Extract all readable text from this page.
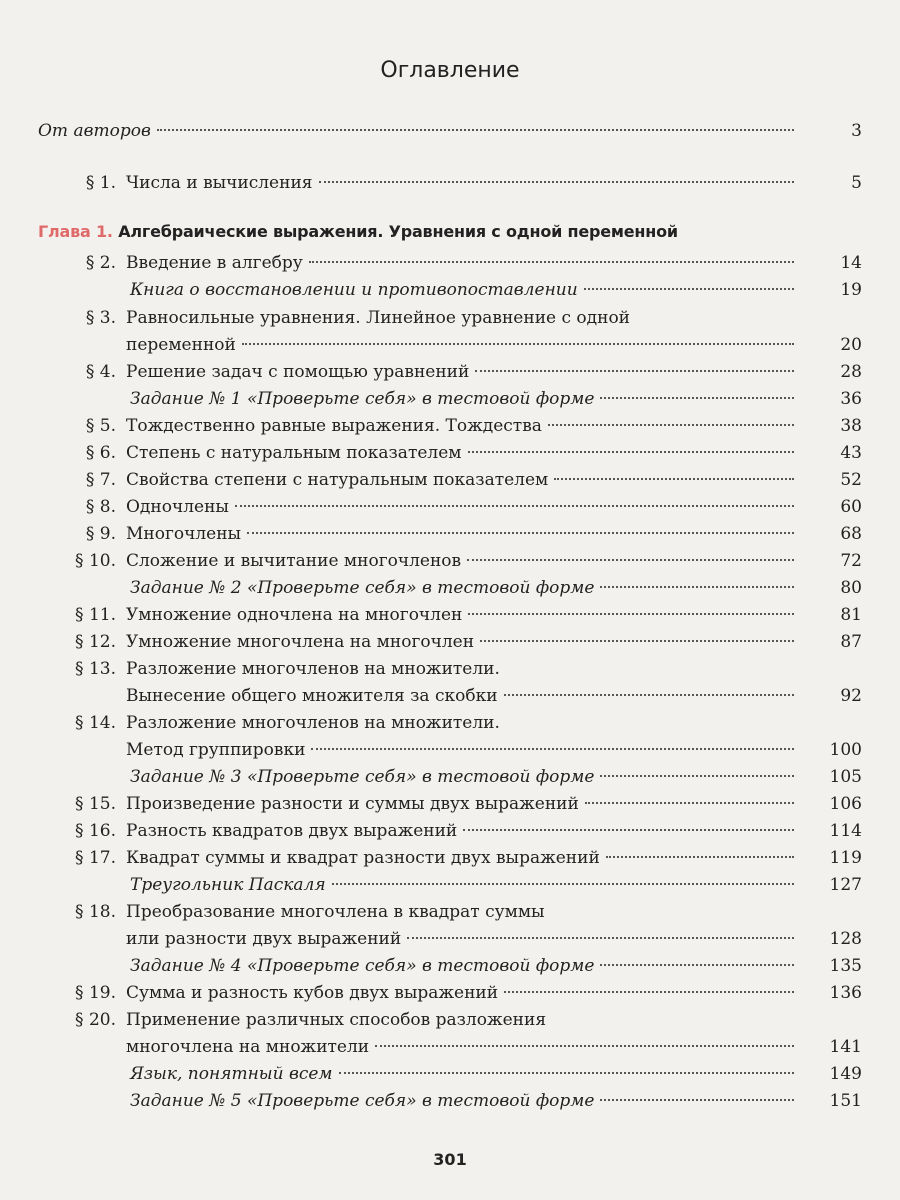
Оглавление
Глава 1. Алгебраические выражения. Уравнения с одной переменной
От авторов	3
§ 1. Числа и вычисления	5
§ 2. Введение в алгебру	14
Книга о восстановлении и противопоставлении	19
§ 3. Равносильные уравнения. Линейное уравнение с одной
переменной	20
§ 4. Решение задач с помощью уравнений	28
Задание № 1 «Проверьте себя» в тестовой форме	36
§ 5. Тождественно равные выражения. Тождества	38
§ 6. Степень с натуральным показателем	43
§ 7. Свойства степени с натуральным показателем	52
§ 8. Одночлены	60
§ 9. Многочлены	68
§ 10. Сложение и вычитание многочленов	72
Задание № 2 «Проверьте себя» в тестовой форме	80
§ 11. Умножение одночлена на многочлен	81
§ 12. Умножение многочлена на многочлен	87
§ 13. Разложение многочленов на множители.
Вынесение общего множителя за скобки	92
§ 14. Разложение многочленов на множители.
Метод группировки	100
Задание № 3 «Проверьте себя» в тестовой форме	105
§ 15. Произведение разности и суммы двух выражений	106
§ 16. Разность квадратов двух выражений	114
§ 17. Квадрат суммы и квадрат разности двух выражений	119
Треугольник Паскаля	127
§ 18. Преобразование многочлена в квадрат суммы
или разности двух выражений	128
Задание № 4 «Проверьте себя» в тестовой форме	135
§ 19. Сумма и разность кубов двух выражений	136
§ 20. Применение различных способов разложения
многочлена на множители	141
Язык, понятный всем	149
Задание № 5 «Проверьте себя» в тестовой форме	151
301
